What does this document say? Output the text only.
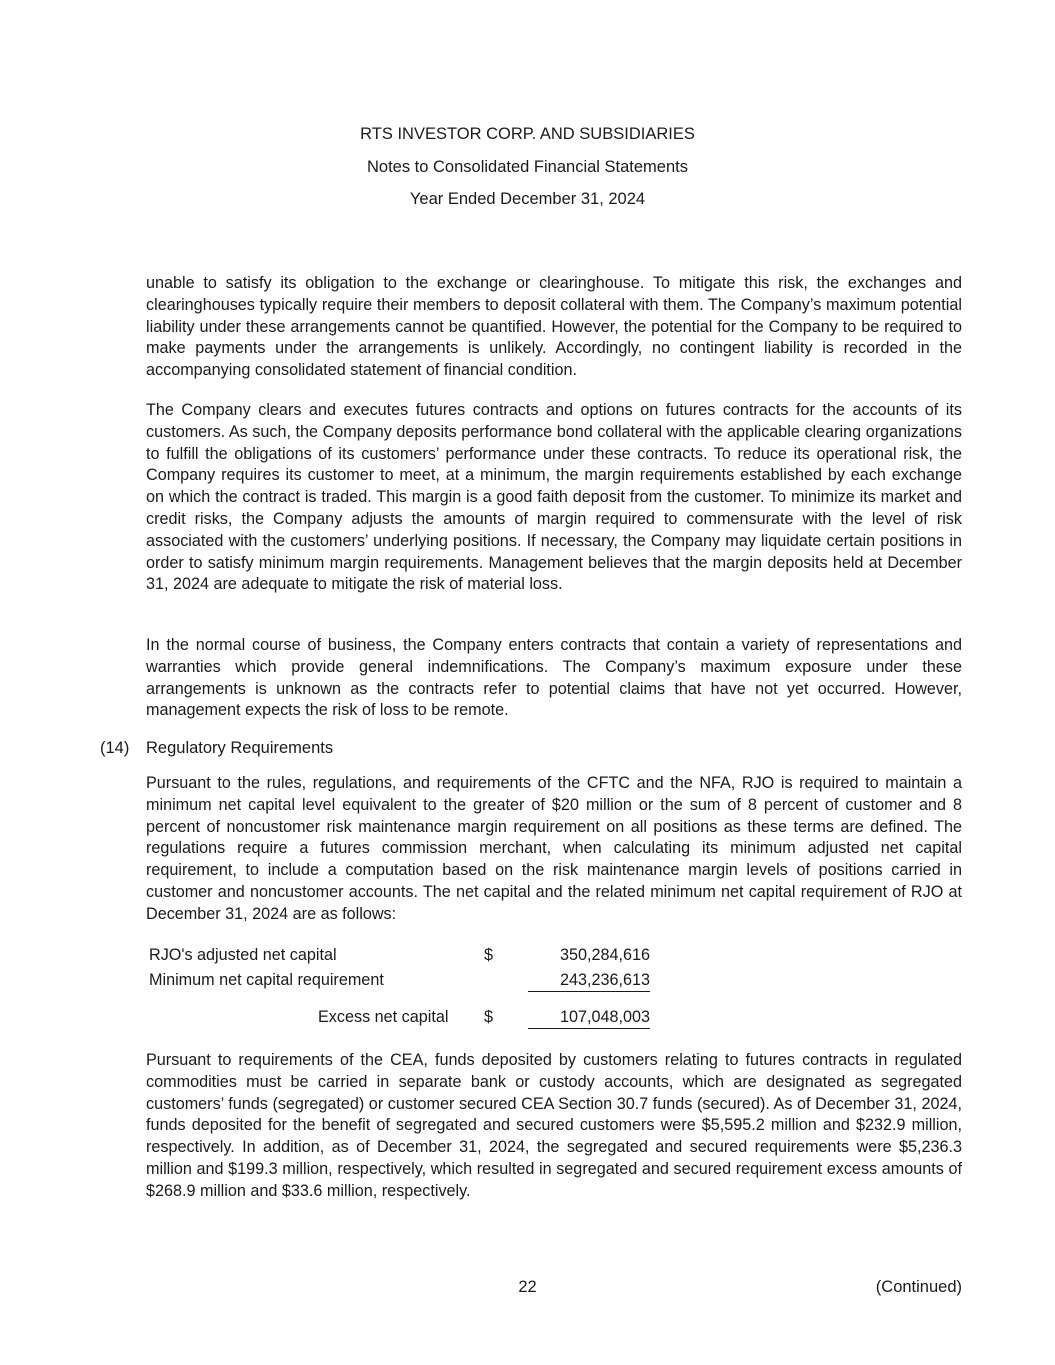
RTS INVESTOR CORP. AND SUBSIDIARIES
Notes to Consolidated Financial Statements
Year Ended December 31, 2024

unable to satisfy its obligation to the exchange or clearinghouse. To mitigate this risk, the exchanges and clearinghouses typically require their members to deposit collateral with them. The Company’s maximum potential liability under these arrangements cannot be quantified. However, the potential for the Company to be required to make payments under the arrangements is unlikely. Accordingly, no contingent liability is recorded in the accompanying consolidated statement of financial condition.

The Company clears and executes futures contracts and options on futures contracts for the accounts of its customers. As such, the Company deposits performance bond collateral with the applicable clearing organizations to fulfill the obligations of its customers’ performance under these contracts. To reduce its operational risk, the Company requires its customer to meet, at a minimum, the margin requirements established by each exchange on which the contract is traded. This margin is a good faith deposit from the customer. To minimize its market and credit risks, the Company adjusts the amounts of margin required to commensurate with the level of risk associated with the customers’ underlying positions. If necessary, the Company may liquidate certain positions in order to satisfy minimum margin requirements. Management believes that the margin deposits held at December 31, 2024 are adequate to mitigate the risk of material loss.

In the normal course of business, the Company enters contracts that contain a variety of representations and warranties which provide general indemnifications. The Company’s maximum exposure under these arrangements is unknown as the contracts refer to potential claims that have not yet occurred. However, management expects the risk of loss to be remote.

(14) Regulatory Requirements

Pursuant to the rules, regulations, and requirements of the CFTC and the NFA, RJO is required to maintain a minimum net capital level equivalent to the greater of $20 million or the sum of 8 percent of customer and 8 percent of noncustomer risk maintenance margin requirement on all positions as these terms are defined. The regulations require a futures commission merchant, when calculating its minimum adjusted net capital requirement, to include a computation based on the risk maintenance margin levels of positions carried in customer and noncustomer accounts. The net capital and the related minimum net capital requirement of RJO at December 31, 2024 are as follows:

RJO's adjusted net capital	$	350,284,616
Minimum net capital requirement	243,236,613
Excess net capital $	107,048,003

Pursuant to requirements of the CEA, funds deposited by customers relating to futures contracts in regulated commodities must be carried in separate bank or custody accounts, which are designated as segregated customers’ funds (segregated) or customer secured CEA Section 30.7 funds (secured). As of December 31, 2024, funds deposited for the benefit of segregated and secured customers were $5,595.2 million and $232.9 million, respectively. In addition, as of December 31, 2024, the segregated and secured requirements were $5,236.3 million and $199.3 million, respectively, which resulted in segregated and secured requirement excess amounts of $268.9 million and $33.6 million, respectively.

22	(Continued)
